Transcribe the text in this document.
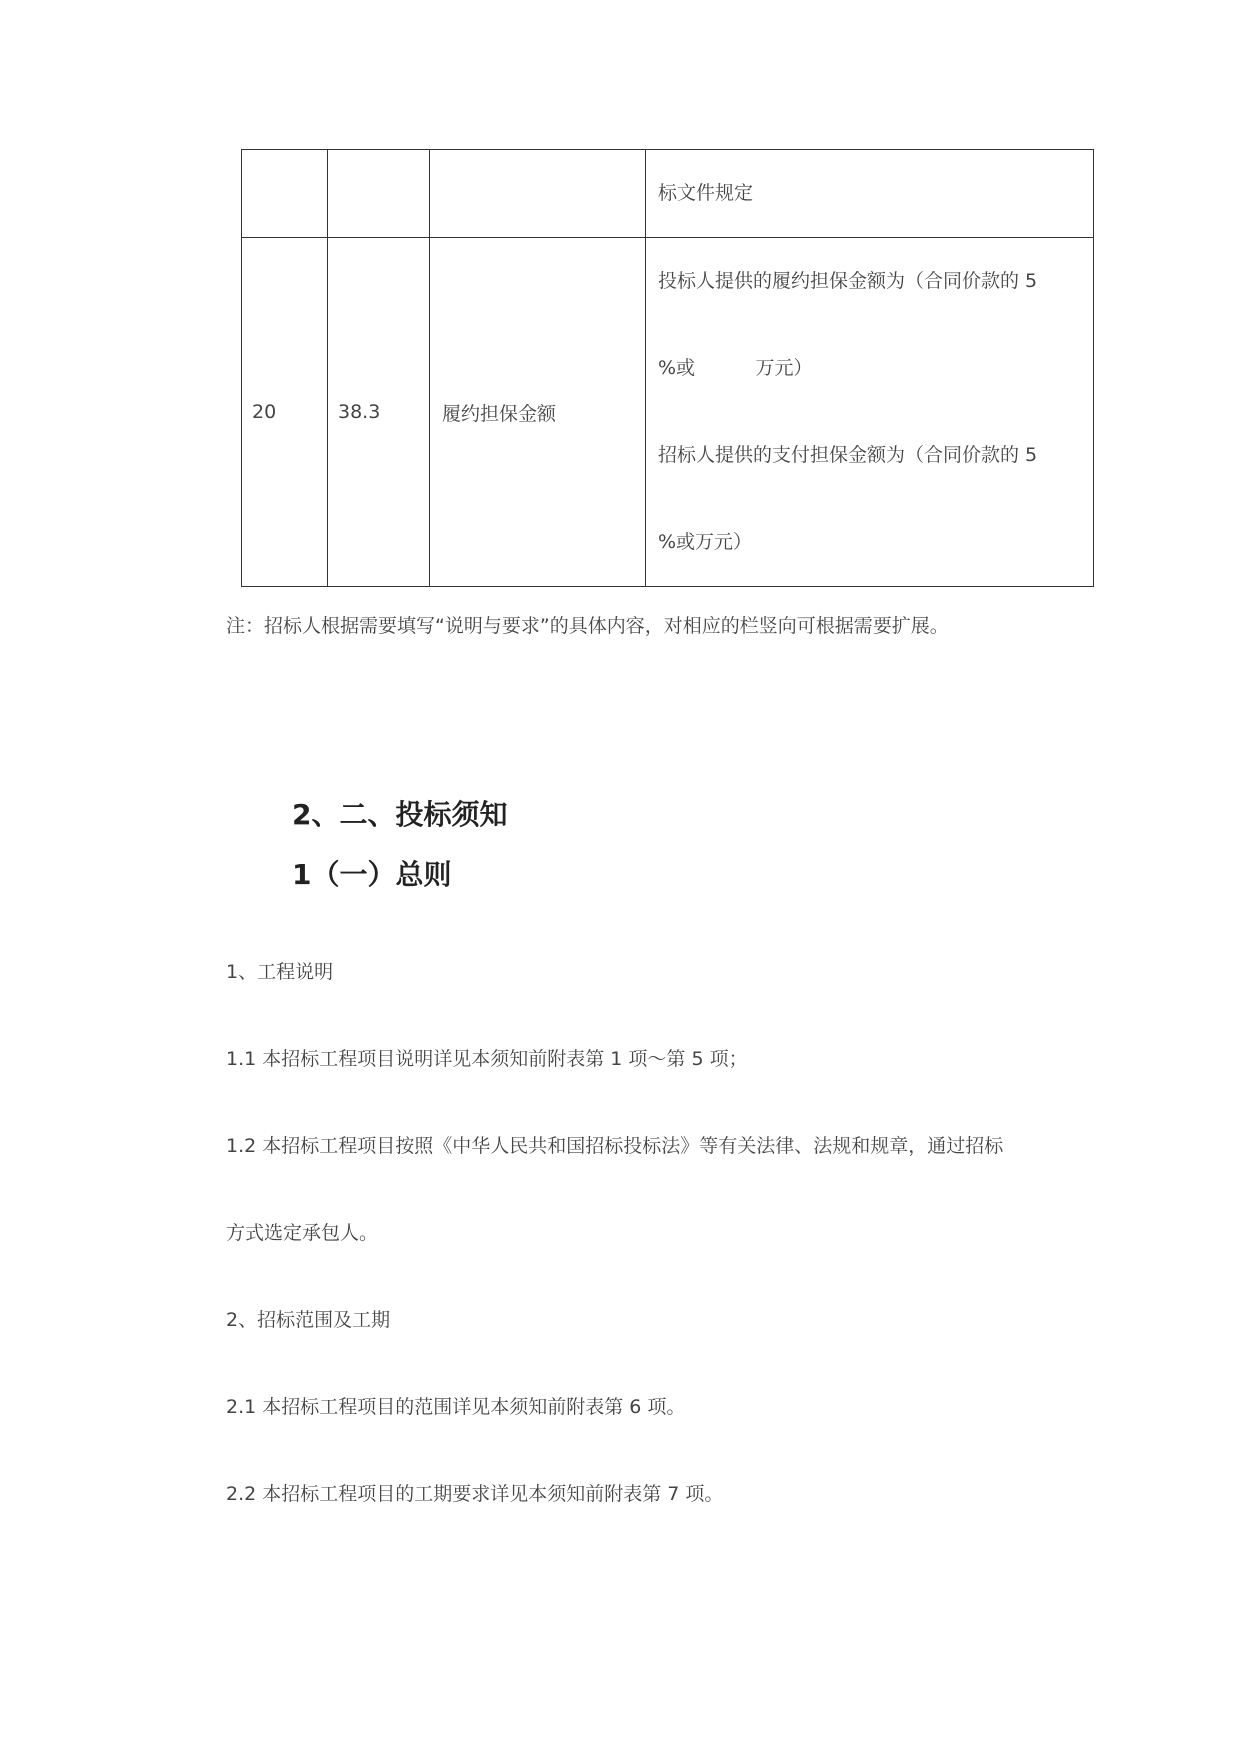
			标文件规定

20	38.3	履约担保金额	投标人提供的履约担保金额为（合同价款的 5
%或          万元）
招标人提供的支付担保金额为（合同价款的 5
%或万元）
注：招标人根据需要填写“说明与要求”的具体内容，对相应的栏竖向可根据需要扩展。
2、二、投标须知
1（一）总则
1、工程说明
1.1 本招标工程项目说明详见本须知前附表第 1 项～第 5 项；
1.2 本招标工程项目按照《中华人民共和国招标投标法》等有关法律、法规和规章，通过招标
方式选定承包人。
2、招标范围及工期
2.1 本招标工程项目的范围详见本须知前附表第 6 项。
2.2 本招标工程项目的工期要求详见本须知前附表第 7 项。
